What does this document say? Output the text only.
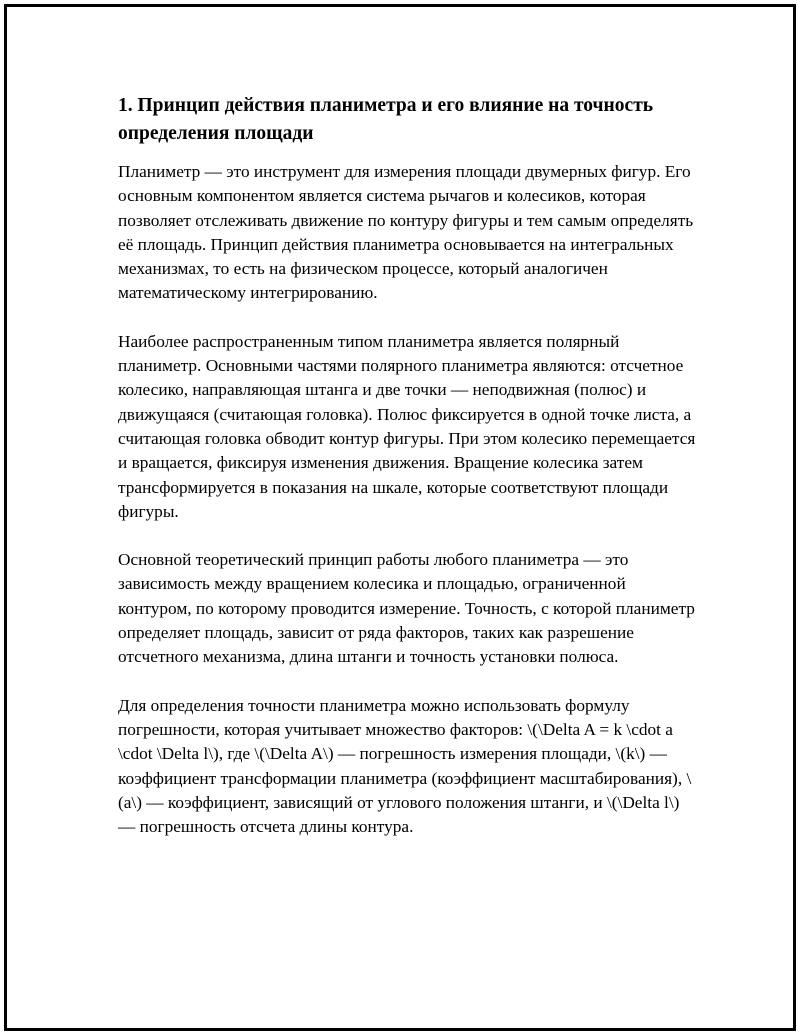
1. Принцип действия планиметра и его влияние на точность определения площади

Планиметр — это инструмент для измерения площади двумерных фигур. Его основным компонентом является система рычагов и колесиков, которая позволяет отслеживать движение по контуру фигуры и тем самым определять её площадь. Принцип действия планиметра основывается на интегральных механизмах, то есть на физическом процессе, который аналогичен математическому интегрированию.

Наиболее распространенным типом планиметра является полярный планиметр. Основными частями полярного планиметра являются: отсчетное колесико, направляющая штанга и две точки — неподвижная (полюс) и движущаяся (считающая головка). Полюс фиксируется в одной точке листа, а считающая головка обводит контур фигуры. При этом колесико перемещается и вращается, фиксируя изменения движения. Вращение колесика затем трансформируется в показания на шкале, которые соответствуют площади фигуры.

Основной теоретический принцип работы любого планиметра — это зависимость между вращением колесика и площадью, ограниченной контуром, по которому проводится измерение. Точность, с которой планиметр определяет площадь, зависит от ряда факторов, таких как разрешение отсчетного механизма, длина штанги и точность установки полюса.

Для определения точности планиметра можно использовать формулу погрешности, которая учитывает множество факторов: \(\Delta A = k \cdot a \cdot \Delta l\), где \(\Delta A\) — погрешность измерения площади, \(k\) — коэффициент трансформации планиметра (коэффициент масштабирования), \(a\) — коэффициент, зависящий от углового положения штанги, и \(\Delta l\) — погрешность отсчета длины контура.
